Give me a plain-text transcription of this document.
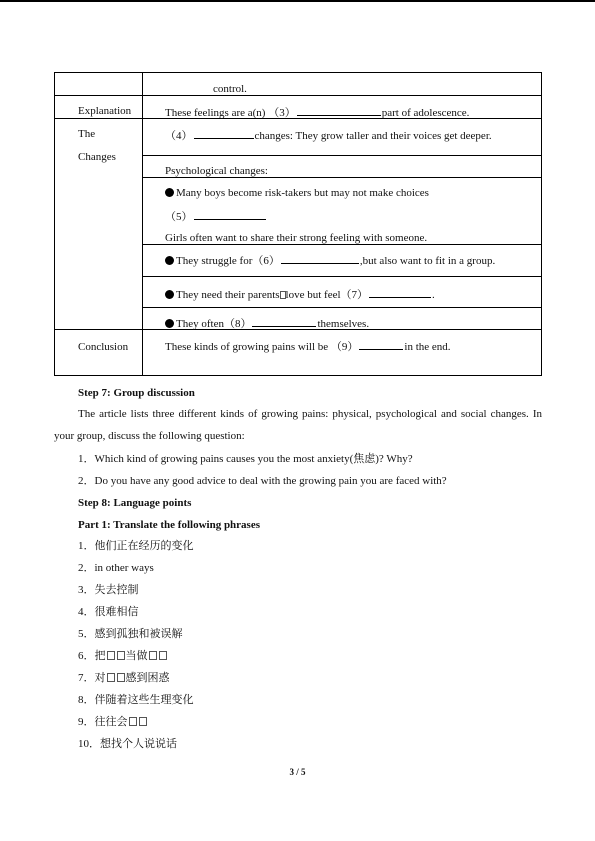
control.
Explanation	These feelings are a(n) （3）	part of adolescence.
The
Changes
（4）	changes: They grow taller and their voices get deeper.
Psychological changes:
Many boys become risk-takers but may not make choices
（5）
Girls often want to share their strong feeling with someone.
They struggle for（6）	,but also want to fit in a group.
They need their parents love but feel（7）	.
They often（8）	themselves.
Conclusion	These kinds of growing pains will be （9）	in the end.
Step 7: Group discussion
The article lists three different kinds of growing pains: physical, psychological and social changes. In your group, discuss the following question:
1．Which kind of growing pains causes you the most anxiety(焦虑)? Why?
2．Do you have any good advice to deal with the growing pain you are faced with?
Step 8: Language points
Part 1: Translate the following phrases
1．他们正在经历的变化
2．in other ways
3．失去控制
4．很难相信
5．感到孤独和被误解
6．把 当做
7．对 感到困惑
8．伴随着这些生理变化
9．往往会
10．想找个人说说话
3 / 5
